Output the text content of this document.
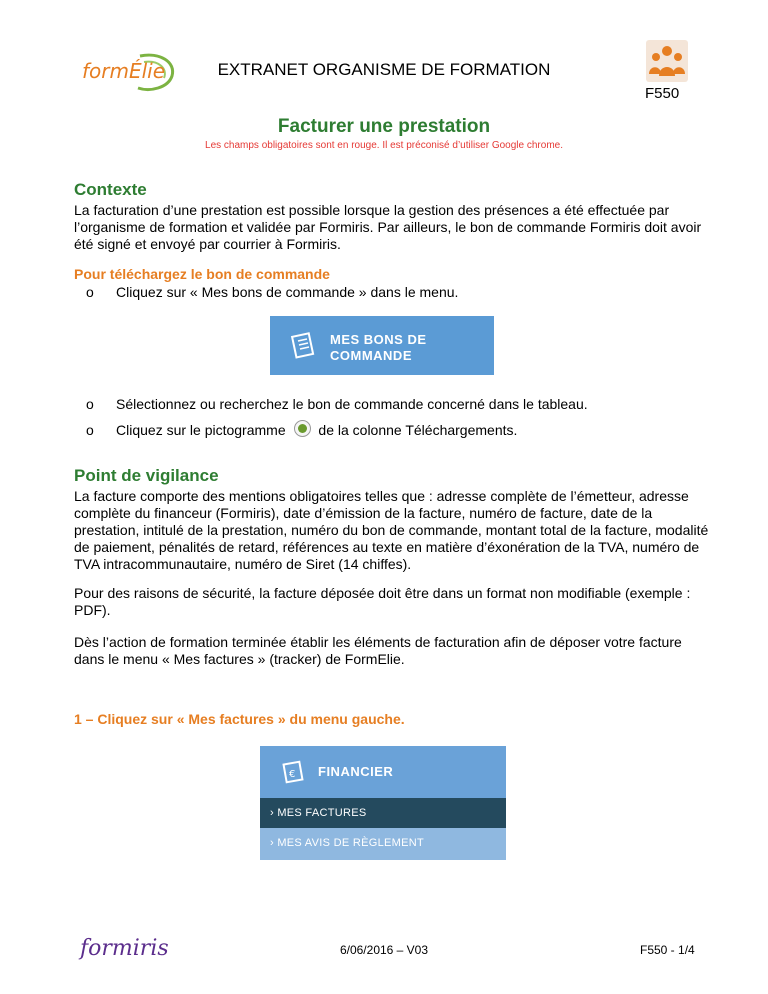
formÉlie	EXTRANET ORGANISME DE FORMATION
F550
Facturer une prestation
Les champs obligatoires sont en rouge. Il est préconisé d’utiliser Google chrome.
Contexte

La facturation d’une prestation est possible lorsque la gestion des présences a été effectuée par l’organisme de formation et validée par Formiris. Par ailleurs, le bon de commande Formiris doit avoir été signé et envoyé par courrier à Formiris.

Pour téléchargez le bon de commande
o Cliquez sur « Mes bons de commande » dans le menu.
MES BONS DE
COMMANDE
o Sélectionnez ou recherchez le bon de commande concerné dans le tableau.
o Cliquez sur le pictogramme de la colonne Téléchargements.
Point de vigilance

La facture comporte des mentions obligatoires telles que : adresse complète de l’émetteur, adresse complète du financeur (Formiris), date d’émission de la facture, numéro de facture, date de la prestation, intitulé de la prestation, numéro du bon de commande, montant total de la facture, modalité de paiement, pénalités de retard, références au texte en matière d’éxonération de la TVA, numéro de TVA intracommunautaire, numéro de Siret (14 chiffes).

Pour des raisons de sécurité, la facture déposée doit être dans un format non modifiable (exemple : PDF).

Dès l’action de formation terminée établir les éléments de facturation afin de déposer votre facture dans le menu « Mes factures » (tracker) de FormElie.

1 – Cliquez sur « Mes factures » du menu gauche.
€ FINANCIER
› MES FACTURES
› MES AVIS DE RÈGLEMENT
formiris	6/06/2016 – V03	F550 - 1/4
